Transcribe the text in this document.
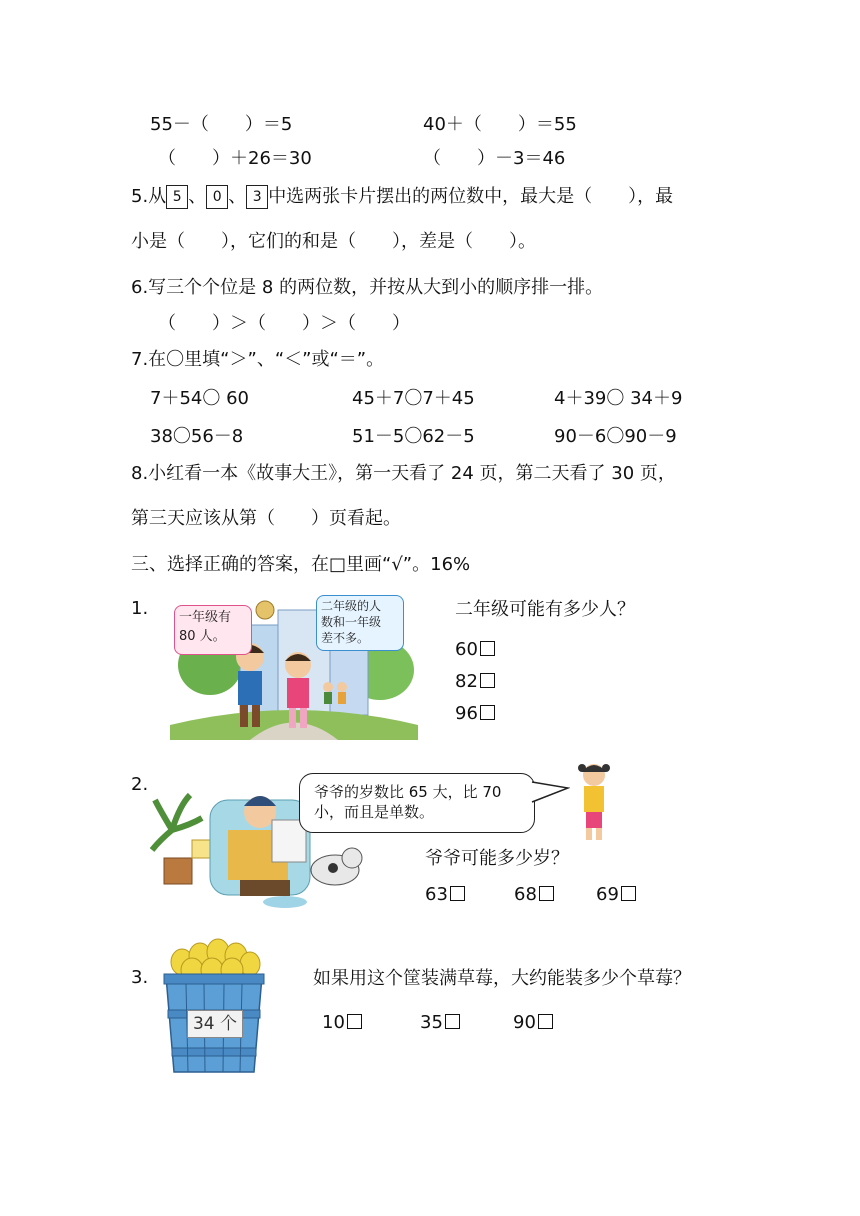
55－（　　）＝5	40＋（　　）＝55
（　　）＋26＝30	（　　）－3＝46
5.从 5 、 0 、 3 中选两张卡片摆出的两位数中，最大是（　　），最
小是（　　），它们的和是（　　），差是（　　）。
6.写三个个位是 8 的两位数，并按从大到小的顺序排一排。
（　　）＞（　　）＞（　　）
7.在〇里填“＞”、“＜”或“＝”。
7＋54〇 60	45＋7〇7＋45	4＋39〇 34＋9
38〇56－8	51－5〇62－5	90－6〇90－9
8.小红看一本《故事大王》，第一天看了 24 页，第二天看了 30 页，
第三天应该从第（　　）页看起。
三、选择正确的答案，在□里画“√”。16%
1. 一年级有
80 人。
二年级的人
数和一年级
差不多。
二年级可能有多少人？
60
82
96
2.	爷爷的岁数比 65 大，比 70
小，而且是单数。
爷爷可能多少岁？
63	68	69
3.
34 个
如果用这个筐装满草莓，大约能装多少个草莓？
10	35	90
